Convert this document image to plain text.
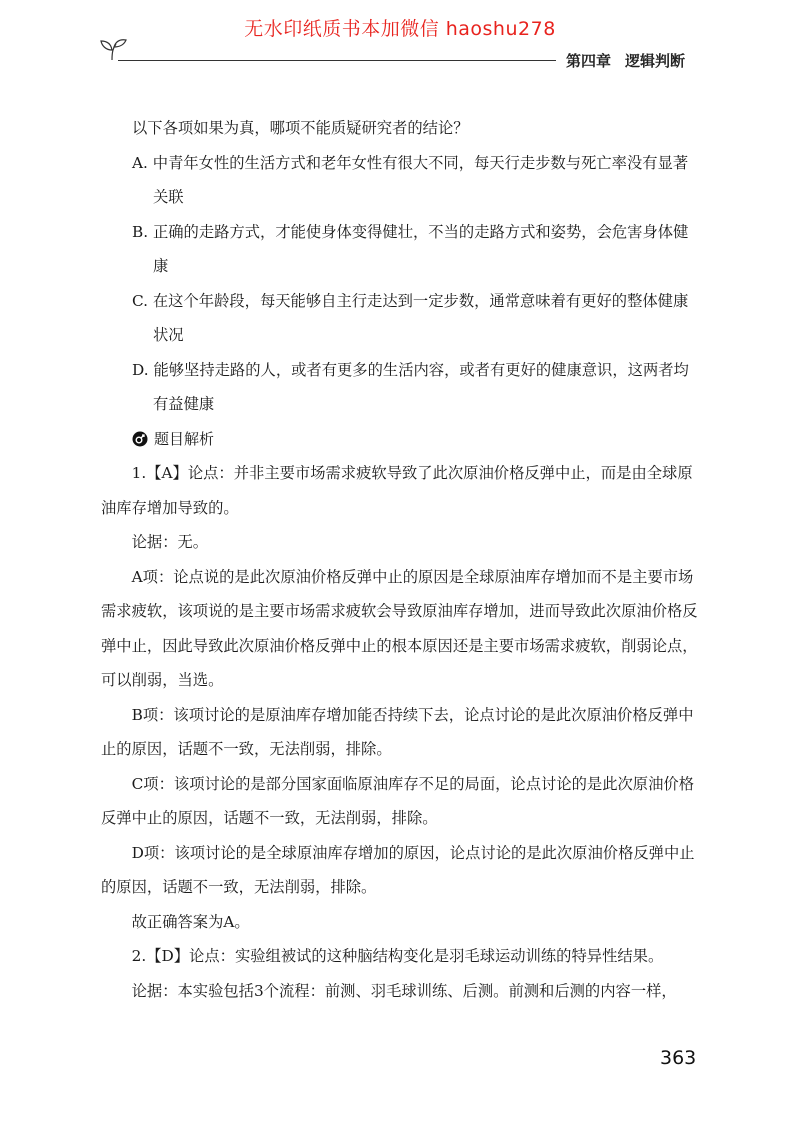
无水印纸质书本加微信 haoshu278
第四章 逻辑判断

以下各项如果为真，哪项不能质疑研究者的结论？

A. 中青年女性的生活方式和老年女性有很大不同，每天行走步数与死亡率没有显著关联

B. 正确的走路方式，才能使身体变得健壮，不当的走路方式和姿势，会危害身体健康

C. 在这个年龄段，每天能够自主行走达到一定步数，通常意味着有更好的整体健康状况

D. 能够坚持走路的人，或者有更多的生活内容，或者有更好的健康意识，这两者均有益健康

题目解析

1.【A】论点：并非主要市场需求疲软导致了此次原油价格反弹中止，而是由全球原油库存增加导致的。

论据：无。

A项：论点说的是此次原油价格反弹中止的原因是全球原油库存增加而不是主要市场需求疲软，该项说的是主要市场需求疲软会导致原油库存增加，进而导致此次原油价格反弹中止，因此导致此次原油价格反弹中止的根本原因还是主要市场需求疲软，削弱论点，可以削弱，当选。

B项：该项讨论的是原油库存增加能否持续下去，论点讨论的是此次原油价格反弹中止的原因，话题不一致，无法削弱，排除。

C项：该项讨论的是部分国家面临原油库存不足的局面，论点讨论的是此次原油价格反弹中止的原因，话题不一致，无法削弱，排除。

D项：该项讨论的是全球原油库存增加的原因，论点讨论的是此次原油价格反弹中止的原因，话题不一致，无法削弱，排除。

故正确答案为A。

2.【D】论点：实验组被试的这种脑结构变化是羽毛球运动训练的特异性结果。

论据：本实验包括3个流程：前测、羽毛球训练、后测。前测和后测的内容一样，

363
